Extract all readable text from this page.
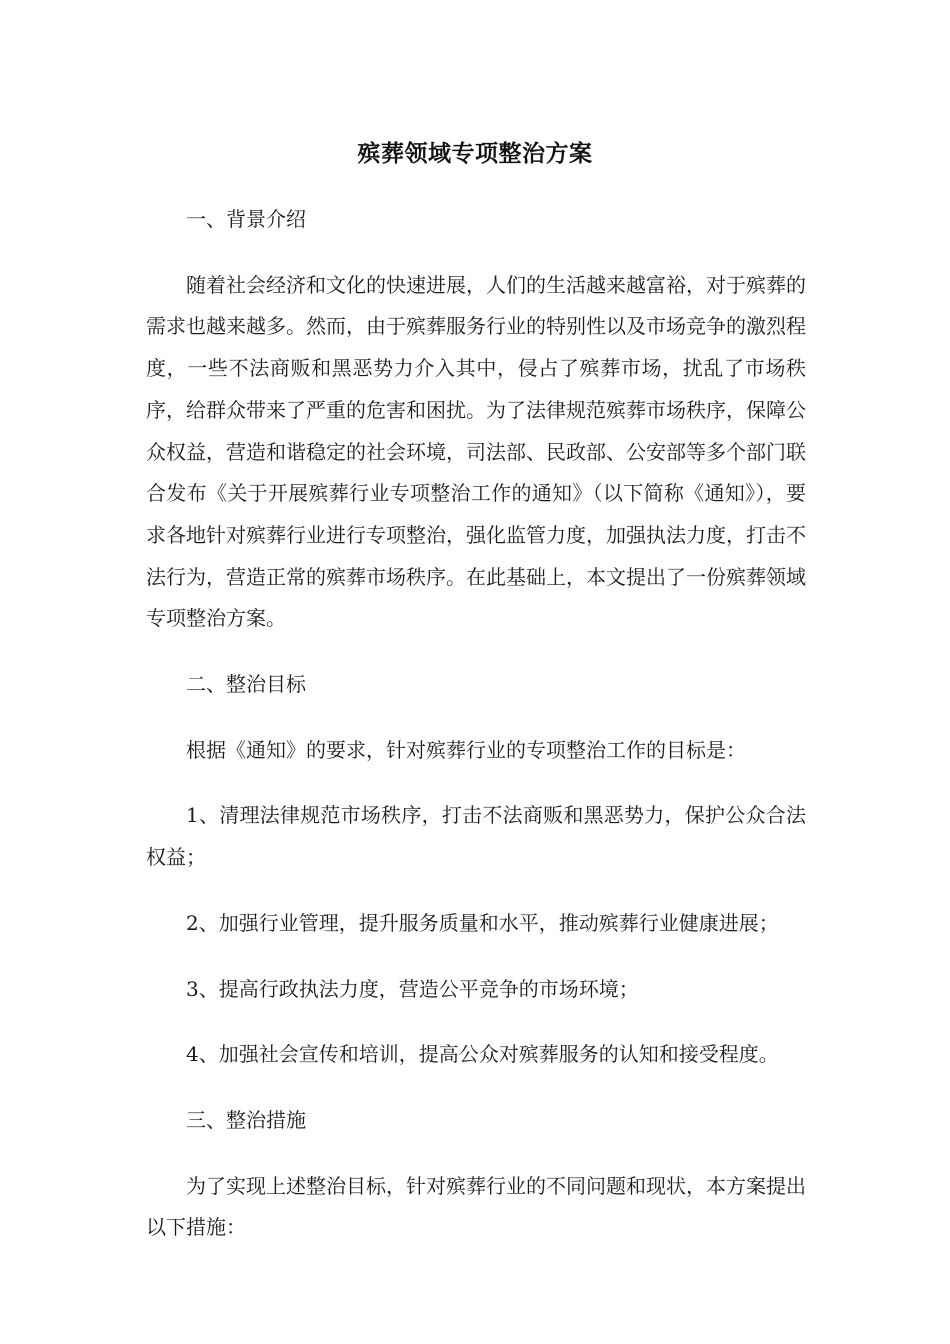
殡葬领域专项整治方案

一、背景介绍

随着社会经济和文化的快速进展，人们的生活越来越富裕，对于殡葬的需求也越来越多。然而，由于殡葬服务行业的特别性以及市场竞争的激烈程度，一些不法商贩和黑恶势力介入其中，侵占了殡葬市场，扰乱了市场秩序，给群众带来了严重的危害和困扰。为了法律规范殡葬市场秩序，保障公众权益，营造和谐稳定的社会环境，司法部、民政部、公安部等多个部门联合发布《关于开展殡葬行业专项整治工作的通知》（以下简称《通知》），要求各地针对殡葬行业进行专项整治，强化监管力度，加强执法力度，打击不法行为，营造正常的殡葬市场秩序。在此基础上，本文提出了一份殡葬领域专项整治方案。

二、整治目标

根据《通知》的要求，针对殡葬行业的专项整治工作的目标是：

1、清理法律规范市场秩序，打击不法商贩和黑恶势力，保护公众合法权益；

2、加强行业管理，提升服务质量和水平，推动殡葬行业健康进展；

3、提高行政执法力度，营造公平竞争的市场环境；

4、加强社会宣传和培训，提高公众对殡葬服务的认知和接受程度。

三、整治措施

为了实现上述整治目标，针对殡葬行业的不同问题和现状，本方案提出以下措施：
